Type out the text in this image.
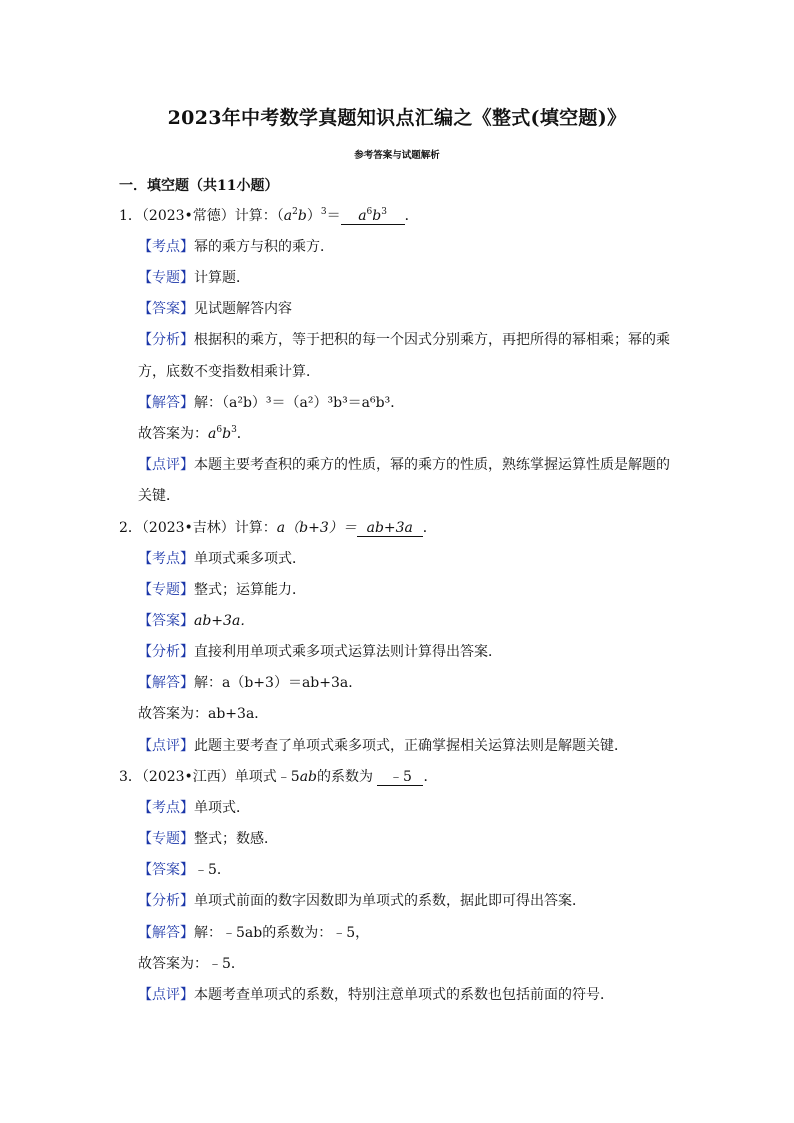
2023年中考数学真题知识点汇编之《整式(填空题)》
参考答案与试题解析
一．填空题（共11小题）
1．（2023•常德）计算：$(a^2b)^3= a^6b^3$ ．
【考点】幂的乘方与积的乘方．
【专题】计算题．
【答案】见试题解答内容
【分析】根据积的乘方，等于把积的每一个因式分别乘方，再把所得的幂相乘；幂的乘
方，底数不变指数相乘计算．
【解答】解：（a²b）³＝（a²）³b³＝a⁶b³．
故答案为：$a^6b^3$．
【点评】本题主要考查积的乘方的性质，幂的乘方的性质，熟练掌握运算性质是解题的
关键．
2．（2023•吉林）计算：a（b+3）＝ ab+3a ．
【考点】单项式乘多项式．
【专题】整式；运算能力．
【答案】ab+3a．
【分析】直接利用单项式乘多项式运算法则计算得出答案．
【解答】解：a（b+3）＝ab+3a．
故答案为：ab+3a．
【点评】此题主要考查了单项式乘多项式，正确掌握相关运算法则是解题关键．
3．（2023•江西）单项式﹣5ab的系数为 ﹣5 ．
【考点】单项式．
【专题】整式；数感．
【答案】﹣5．
【分析】单项式前面的数字因数即为单项式的系数，据此即可得出答案．
【解答】解：﹣5ab的系数为：﹣5，
故答案为：﹣5．
【点评】本题考查单项式的系数，特别注意单项式的系数也包括前面的符号．
